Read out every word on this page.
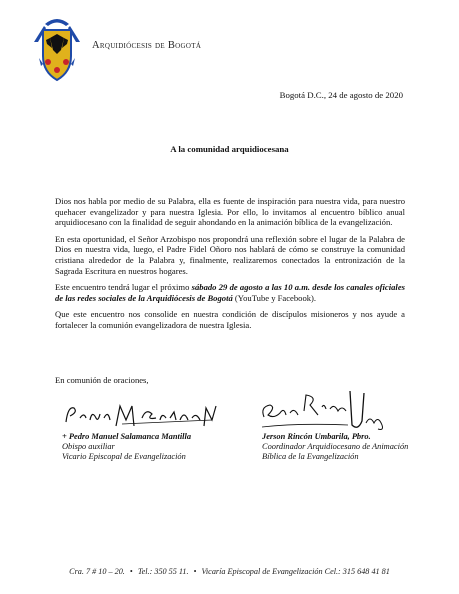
Arquidiócesis de Bogotá
Bogotá D.C., 24 de agosto de 2020
A la comunidad arquidiocesana

Dios nos habla por medio de su Palabra, ella es fuente de inspiración para nuestra vida, para nuestro quehacer evangelizador y para nuestra Iglesia. Por ello, lo invitamos al encuentro bíblico anual arquidiocesano con la finalidad de seguir ahondando en la animación bíblica de la evangelización.

En esta oportunidad, el Señor Arzobispo nos propondrá una reflexión sobre el lugar de la Palabra de Dios en nuestra vida, luego, el Padre Fidel Oñoro nos hablará de cómo se construye la comunidad cristiana alrededor de la Palabra y, finalmente, realizaremos conectados la entronización de la Sagrada Escritura en nuestros hogares.

Este encuentro tendrá lugar el próximo sábado 29 de agosto a las 10 a.m. desde los canales oficiales de las redes sociales de la Arquidiócesis de Bogotá (YouTube y Facebook).

Que este encuentro nos consolide en nuestra condición de discípulos misioneros y nos ayude a fortalecer la comunión evangelizadora de nuestra Iglesia.

En comunión de oraciones,
+ Pedro Manuel Salamanca Mantilla
Obispo auxiliar
Vicario Episcopal de Evangelización
Jerson Rincón Umbarila, Pbro.
Coordinador Arquidiocesano de Animación
Bíblica de la Evangelización
Cra. 7 # 10 – 20. • Tel.: 350 55 11. • Vicaría Episcopal de Evangelización Cel.: 315 648 41 81
